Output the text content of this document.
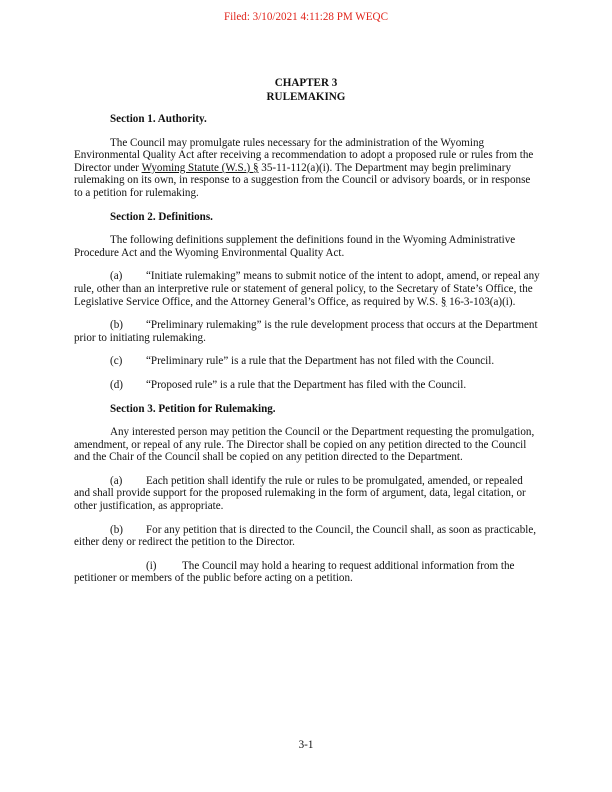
Filed: 3/10/2021 4:11:28 PM WEQC
CHAPTER 3
RULEMAKING
Section 1. Authority.
The Council may promulgate rules necessary for the administration of the Wyoming Environmental Quality Act after receiving a recommendation to adopt a proposed rule or rules from the Director under Wyoming Statute (W.S.) § 35-11-112(a)(i). The Department may begin preliminary rulemaking on its own, in response to a suggestion from the Council or advisory boards, or in response to a petition for rulemaking.
Section 2. Definitions.
The following definitions supplement the definitions found in the Wyoming Administrative Procedure Act and the Wyoming Environmental Quality Act.
(a) “Initiate rulemaking” means to submit notice of the intent to adopt, amend, or repeal any rule, other than an interpretive rule or statement of general policy, to the Secretary of State’s Office, the Legislative Service Office, and the Attorney General’s Office, as required by W.S. § 16-3-103(a)(i).
(b) “Preliminary rulemaking” is the rule development process that occurs at the Department prior to initiating rulemaking.
(c) “Preliminary rule” is a rule that the Department has not filed with the Council.
(d) “Proposed rule” is a rule that the Department has filed with the Council.
Section 3. Petition for Rulemaking.
Any interested person may petition the Council or the Department requesting the promulgation, amendment, or repeal of any rule. The Director shall be copied on any petition directed to the Council and the Chair of the Council shall be copied on any petition directed to the Department.
(a) Each petition shall identify the rule or rules to be promulgated, amended, or repealed and shall provide support for the proposed rulemaking in the form of argument, data, legal citation, or other justification, as appropriate.
(b) For any petition that is directed to the Council, the Council shall, as soon as practicable, either deny or redirect the petition to the Director.
(i) The Council may hold a hearing to request additional information from the petitioner or members of the public before acting on a petition.
3-1
